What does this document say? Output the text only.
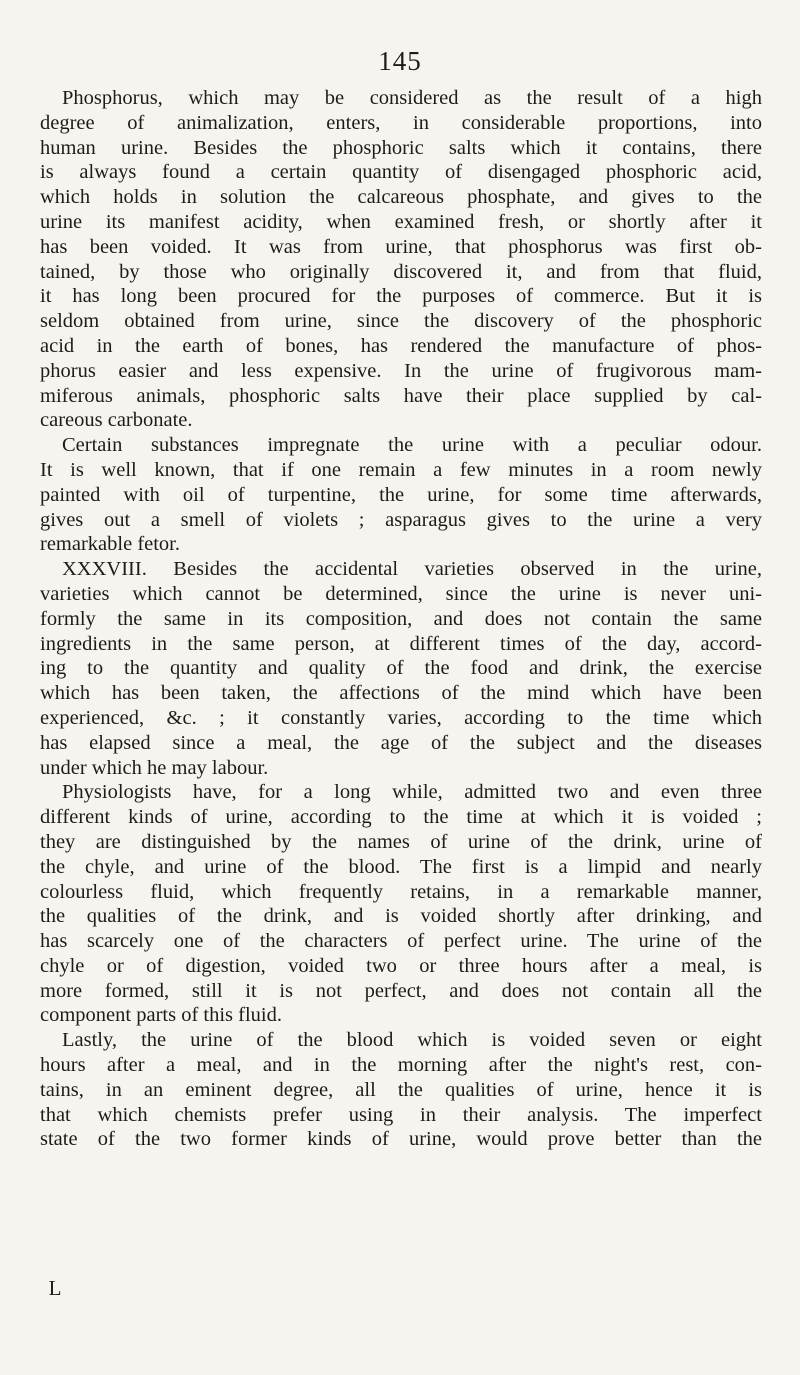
145
Phosphorus, which may be considered as the result of a high
degree of animalization, enters, in considerable proportions, into
human urine. Besides the phosphoric salts which it contains, there
is always found a certain quantity of disengaged phosphoric acid,
which holds in solution the calcareous phosphate, and gives to the
urine its manifest acidity, when examined fresh, or shortly after it
has been voided. It was from urine, that phosphorus was first ob-
tained, by those who originally discovered it, and from that fluid,
it has long been procured for the purposes of commerce. But it is
seldom obtained from urine, since the discovery of the phosphoric
acid in the earth of bones, has rendered the manufacture of phos-
phorus easier and less expensive. In the urine of frugivorous mam-
miferous animals, phosphoric salts have their place supplied by cal-
careous carbonate.
Certain substances impregnate the urine with a peculiar odour.
It is well known, that if one remain a few minutes in a room newly
painted with oil of turpentine, the urine, for some time afterwards,
gives out a smell of violets ; asparagus gives to the urine a very
remarkable fetor.
XXXVIII. Besides the accidental varieties observed in the urine,
varieties which cannot be determined, since the urine is never uni-
formly the same in its composition, and does not contain the same
ingredients in the same person, at different times of the day, accord-
ing to the quantity and quality of the food and drink, the exercise
which has been taken, the affections of the mind which have been
experienced, &c. ; it constantly varies, according to the time which
has elapsed since a meal, the age of the subject and the diseases
under which he may labour.
Physiologists have, for a long while, admitted two and even three
different kinds of urine, according to the time at which it is voided ;
they are distinguished by the names of urine of the drink, urine of
the chyle, and urine of the blood. The first is a limpid and nearly
colourless fluid, which frequently retains, in a remarkable manner,
the qualities of the drink, and is voided shortly after drinking, and
has scarcely one of the characters of perfect urine. The urine of the
chyle or of digestion, voided two or three hours after a meal, is
more formed, still it is not perfect, and does not contain all the
component parts of this fluid.
Lastly, the urine of the blood which is voided seven or eight
hours after a meal, and in the morning after the night's rest, con-
tains, in an eminent degree, all the qualities of urine, hence it is
that which chemists prefer using in their analysis. The imperfect
state of the two former kinds of urine, would prove better than the
L
